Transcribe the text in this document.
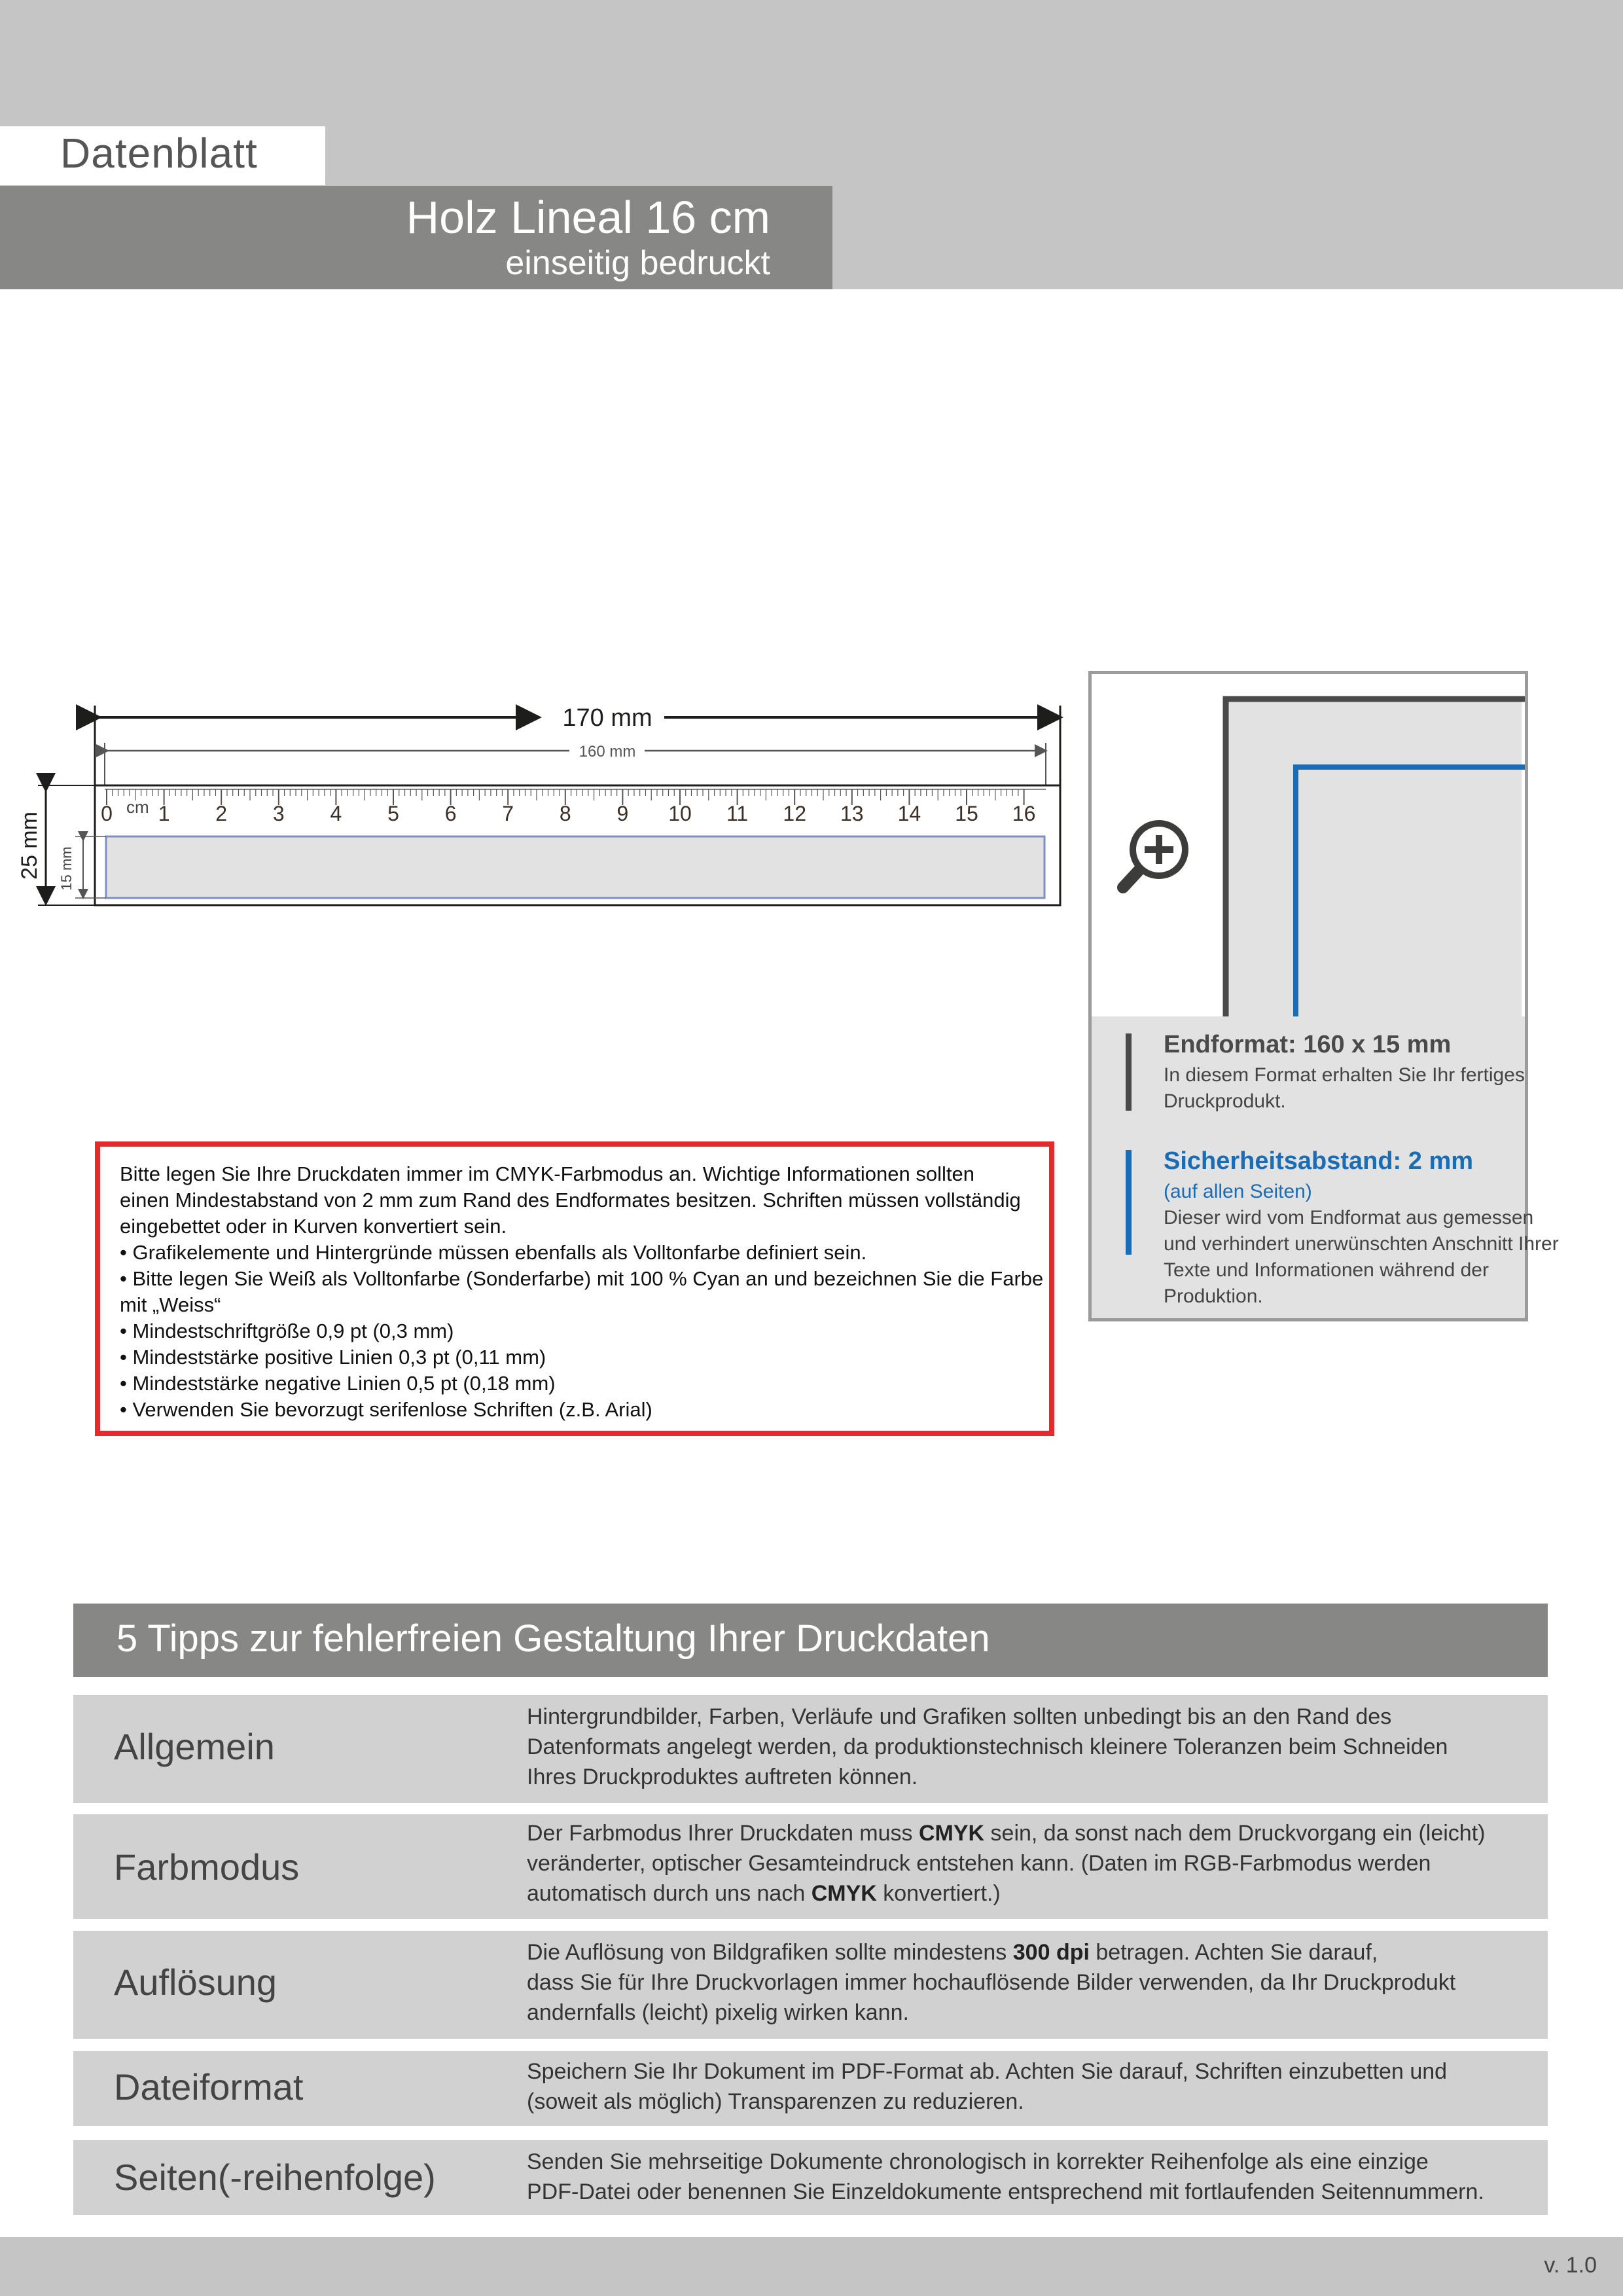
Datenblatt
Holz Lineal 16 cm
einseitig bedruckt
170 mm
160 mm
0 1 2 3 4 5 6 7 8 9 10 11 12 13 14 15 16
cm
25 mm 15 mm
Endformat: 160 x 15 mm
In diesem Format erhalten Sie Ihr fertiges Druckprodukt.
Sicherheitsabstand: 2 mm
(auf allen Seiten)
Dieser wird vom Endformat aus gemessen und verhindert unerwünschten Anschnitt Ihrer Texte und Informationen während der Produktion.
Bitte legen Sie Ihre Druckdaten immer im CMYK-Farbmodus an. Wichtige Informationen sollten
einen Mindestabstand von 2 mm zum Rand des Endformates besitzen. Schriften müssen vollständig
eingebettet oder in Kurven konvertiert sein.
• Grafikelemente und Hintergründe müssen ebenfalls als Volltonfarbe definiert sein.
• Bitte legen Sie Weiß als Volltonfarbe (Sonderfarbe) mit 100 % Cyan an und bezeichnen Sie die Farbe
mit „Weiss“
• Mindestschriftgröße 0,9 pt (0,3 mm)
• Mindeststärke positive Linien 0,3 pt (0,11 mm)
• Mindeststärke negative Linien 0,5 pt (0,18 mm)
• Verwenden Sie bevorzugt serifenlose Schriften (z.B. Arial)
5 Tipps zur fehlerfreien Gestaltung Ihrer Druckdaten
Allgemein
Hintergrundbilder, Farben, Verläufe und Grafiken sollten unbedingt bis an den Rand des
Datenformats angelegt werden, da produktionstechnisch kleinere Toleranzen beim Schneiden
Ihres Druckproduktes auftreten können.
Farbmodus
Der Farbmodus Ihrer Druckdaten muss CMYK sein, da sonst nach dem Druckvorgang ein (leicht)
veränderter, optischer Gesamteindruck entstehen kann. (Daten im RGB-Farbmodus werden
automatisch durch uns nach CMYK konvertiert.)
Auflösung
Die Auflösung von Bildgrafiken sollte mindestens 300 dpi betragen. Achten Sie darauf,
dass Sie für Ihre Druckvorlagen immer hochauflösende Bilder verwenden, da Ihr Druckprodukt
andernfalls (leicht) pixelig wirken kann.
Dateiformat	Speichern Sie Ihr Dokument im PDF-Format ab. Achten Sie darauf, Schriften einzubetten und
(soweit als möglich) Transparenzen zu reduzieren.
Seiten(-reihenfolge)	Senden Sie mehrseitige Dokumente chronologisch in korrekter Reihenfolge als eine einzige
PDF-Datei oder benennen Sie Einzeldokumente entsprechend mit fortlaufenden Seitennummern.
v. 1.0
